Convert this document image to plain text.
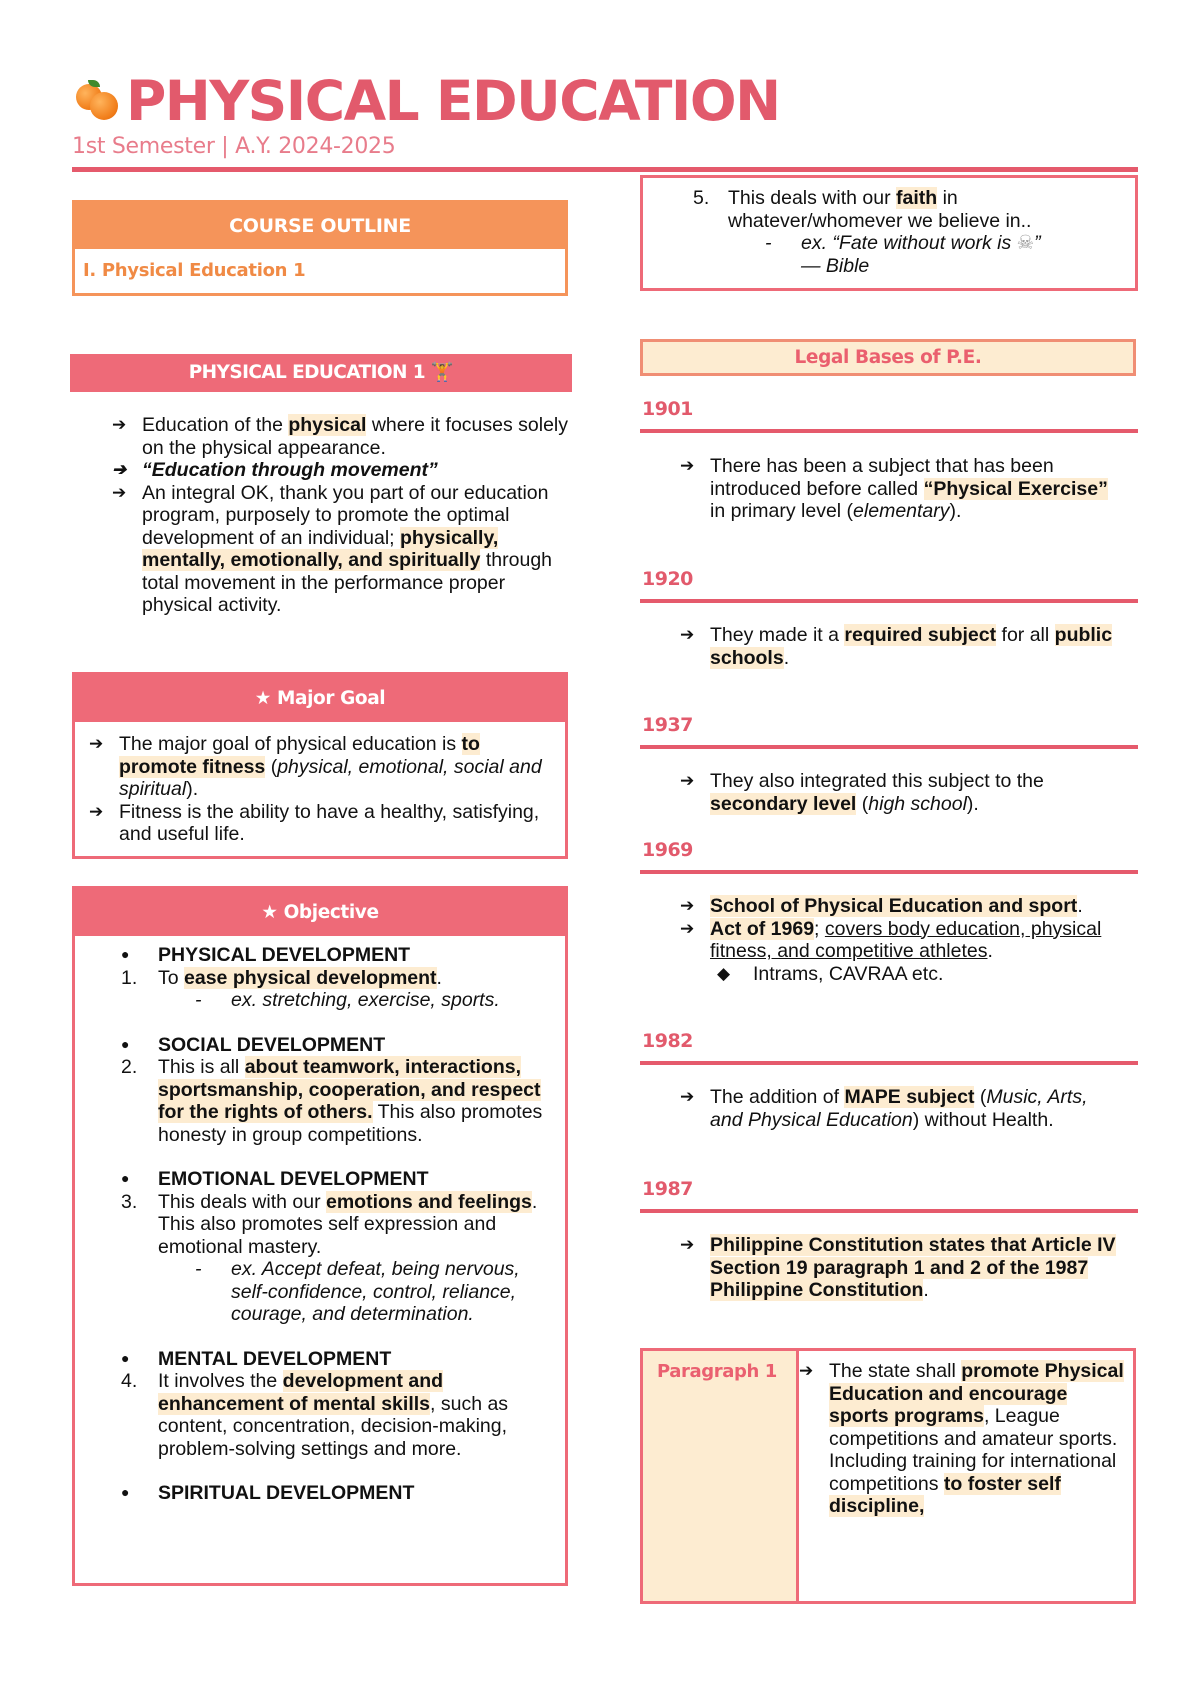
PHYSICAL EDUCATION
1st Semester | A.Y. 2024-2025
COURSE OUTLINE
I. Physical Education 1
PHYSICAL EDUCATION 1 🏋
➔ Education of the physical where it focuses solely on the physical appearance.
➔ “Education through movement”
➔ An integral OK, thank you part of our education program, purposely to promote the optimal development of an individual; physically, mentally, emotionally, and spiritually through total movement in the performance proper physical activity.
★ Major Goal
➔ The major goal of physical education is to promote fitness (physical, emotional, social and spiritual).
➔ Fitness is the ability to have a healthy, satisfying, and useful life.
★ Objective
● PHYSICAL DEVELOPMENT
1. To ease physical development.
- ex. stretching, exercise, sports.
● SOCIAL DEVELOPMENT
2. This is all about teamwork, interactions, sportsmanship, cooperation, and respect for the rights of others. This also promotes honesty in group competitions.
● EMOTIONAL DEVELOPMENT
3. This deals with our emotions and feelings. This also promotes self expression and emotional mastery.
- ex. Accept defeat, being nervous, self-confidence, control, reliance, courage, and determination.
● MENTAL DEVELOPMENT
4. It involves the development and enhancement of mental skills, such as content, concentration, decision-making, problem-solving settings and more.
● SPIRITUAL DEVELOPMENT
5. This deals with our faith in whatever/whomever we believe in..
- ex. “Fate without work is ☠”
— Bible
Legal Bases of P.E.
1901
➔ There has been a subject that has been introduced before called “Physical Exercise” in primary level (elementary).
1920
➔ They made it a required subject for all public schools.
1937
➔ They also integrated this subject to the secondary level (high school).
1969
➔ School of Physical Education and sport.
➔ Act of 1969; covers body education, physical fitness, and competitive athletes.
◆ Intrams, CAVRAA etc.
1982
➔ The addition of MAPE subject (Music, Arts, and Physical Education) without Health.
1987
➔ Philippine Constitution states that Article IV Section 19 paragraph 1 and 2 of the 1987 Philippine Constitution.
Paragraph 1
➔	The state shall promote Physical Education and encourage sports programs, League competitions and amateur sports. Including training for international competitions to foster self discipline,
